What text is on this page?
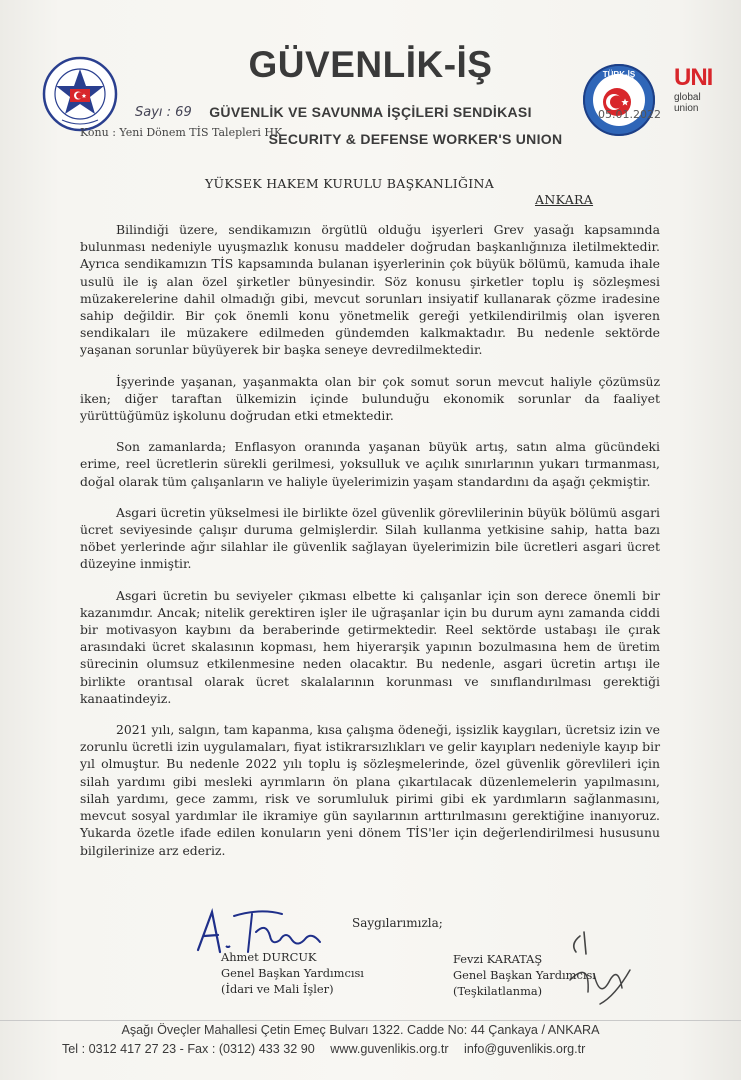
GÜVENLİK-İŞ
GÜVENLİK VE SAVUNMA İŞÇİLERİ SENDİKASI
SECURITY & DEFENSE WORKER'S UNION
Sayı : 69
Konu : Yeni Dönem TİS Talepleri HK.
TÜRK-İŞ
05.01.2022
UNI
global
union
YÜKSEK HAKEM KURULU BAŞKANLIĞINA
ANKARA

Bilindiği üzere, sendikamızın örgütlü olduğu işyerleri Grev yasağı kapsamında bulunması nedeniyle uyuşmazlık konusu maddeler doğrudan başkanlığınıza iletilmektedir. Ayrıca sendikamızın TİS kapsamında bulanan işyerlerinin çok büyük bölümü, kamuda ihale usulü ile iş alan özel şirketler bünyesindir. Söz konusu şirketler toplu iş sözleşmesi müzakerelerine dahil olmadığı gibi, mevcut sorunları insiyatif kullanarak çözme iradesine sahip değildir. Bir çok önemli konu yönetmelik gereği yetkilendirilmiş olan işveren sendikaları ile müzakere edilmeden gündemden kalkmaktadır. Bu nedenle sektörde yaşanan sorunlar büyüyerek bir başka seneye devredilmektedir.

İşyerinde yaşanan, yaşanmakta olan bir çok somut sorun mevcut haliyle çözümsüz iken; diğer taraftan ülkemizin içinde bulunduğu ekonomik sorunlar da faaliyet yürüttüğümüz işkolunu doğrudan etki etmektedir.

Son zamanlarda; Enflasyon oranında yaşanan büyük artış, satın alma gücündeki erime, reel ücretlerin sürekli gerilmesi, yoksulluk ve açılık sınırlarının yukarı tırmanması, doğal olarak tüm çalışanların ve haliyle üyelerimizin yaşam standardını da aşağı çekmiştir.

Asgari ücretin yükselmesi ile birlikte özel güvenlik görevlilerinin büyük bölümü asgari ücret seviyesinde çalışır duruma gelmişlerdir. Silah kullanma yetkisine sahip, hatta bazı nöbet yerlerinde ağır silahlar ile güvenlik sağlayan üyelerimizin bile ücretleri asgari ücret düzeyine inmiştir.

Asgari ücretin bu seviyeler çıkması elbette ki çalışanlar için son derece önemli bir kazanımdır. Ancak; nitelik gerektiren işler ile uğraşanlar için bu durum aynı zamanda ciddi bir motivasyon kaybını da beraberinde getirmektedir. Reel sektörde ustabaşı ile çırak arasındaki ücret skalasının kopması, hem hiyerarşik yapının bozulmasına hem de üretim sürecinin olumsuz etkilenmesine neden olacaktır. Bu nedenle, asgari ücretin artışı ile birlikte orantısal olarak ücret skalalarının korunması ve sınıflandırılması gerektiği kanaatindeyiz.

2021 yılı, salgın, tam kapanma, kısa çalışma ödeneği, işsizlik kaygıları, ücretsiz izin ve zorunlu ücretli izin uygulamaları, fiyat istikrarsızlıkları ve gelir kayıpları nedeniyle kayıp bir yıl olmuştur. Bu nedenle 2022 yılı toplu iş sözleşmelerinde, özel güvenlik görevlileri için silah yardımı gibi mesleki ayrımların ön plana çıkartılacak düzenlemelerin yapılmasını, silah yardımı, gece zammı, risk ve sorumluluk pirimi gibi ek yardımların sağlanmasını, mevcut sosyal yardımlar ile ikramiye gün sayılarının arttırılmasını gerektiğine inanıyoruz. Yukarda özetle ifade edilen konuların yeni dönem TİS'ler için değerlendirilmesi hususunu bilgilerinize arz ederiz.

Saygılarımızla;
Ahmet DURCUK
Genel Başkan Yardımcısı
(İdari ve Mali İşler)
Fevzi KARATAŞ
Genel Başkan Yardımcısı
(Teşkilatlanma)
Aşağı Öveçler Mahallesi Çetin Emeç Bulvarı 1322. Cadde No: 44 Çankaya / ANKARA
Tel : 0312 417 27 23 - Fax : (0312) 433 32 90 www.guvenlikis.org.tr info@guvenlikis.org.tr
